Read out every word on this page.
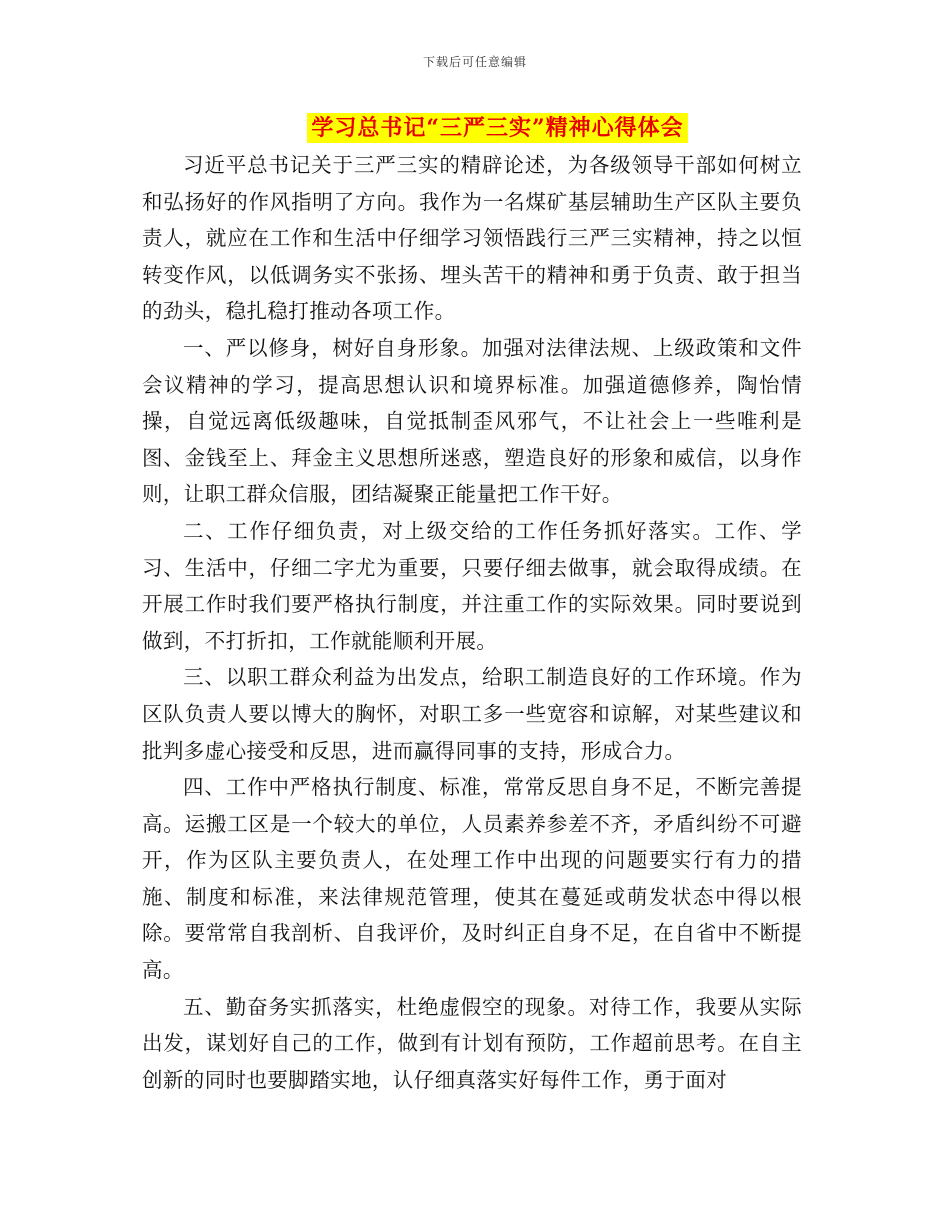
下载后可任意编辑
学习总书记“三严三实”精神心得体会

习近平总书记关于三严三实的精辟论述，为各级领导干部如何树立和弘扬好的作风指明了方向。我作为一名煤矿基层辅助生产区队主要负责人，就应在工作和生活中仔细学习领悟践行三严三实精神，持之以恒转变作风，以低调务实不张扬、埋头苦干的精神和勇于负责、敢于担当的劲头，稳扎稳打推动各项工作。

一、严以修身，树好自身形象。加强对法律法规、上级政策和文件会议精神的学习，提高思想认识和境界标准。加强道德修养，陶怡情操，自觉远离低级趣味，自觉抵制歪风邪气，不让社会上一些唯利是图、金钱至上、拜金主义思想所迷惑，塑造良好的形象和威信，以身作则，让职工群众信服，团结凝聚正能量把工作干好。

二、工作仔细负责，对上级交给的工作任务抓好落实。工作、学习、生活中，仔细二字尤为重要，只要仔细去做事，就会取得成绩。在开展工作时我们要严格执行制度，并注重工作的实际效果。同时要说到做到，不打折扣，工作就能顺利开展。

三、以职工群众利益为出发点，给职工制造良好的工作环境。作为区队负责人要以博大的胸怀，对职工多一些宽容和谅解，对某些建议和批判多虚心接受和反思，进而赢得同事的支持，形成合力。

四、工作中严格执行制度、标准，常常反思自身不足，不断完善提高。运搬工区是一个较大的单位，人员素养参差不齐，矛盾纠纷不可避开，作为区队主要负责人，在处理工作中出现的问题要实行有力的措施、制度和标准，来法律规范管理，使其在蔓延或萌发状态中得以根除。要常常自我剖析、自我评价，及时纠正自身不足，在自省中不断提高。

五、勤奋务实抓落实，杜绝虚假空的现象。对待工作，我要从实际出发，谋划好自己的工作，做到有计划有预防，工作超前思考。在自主创新的同时也要脚踏实地，认仔细真落实好每件工作，勇于面对
